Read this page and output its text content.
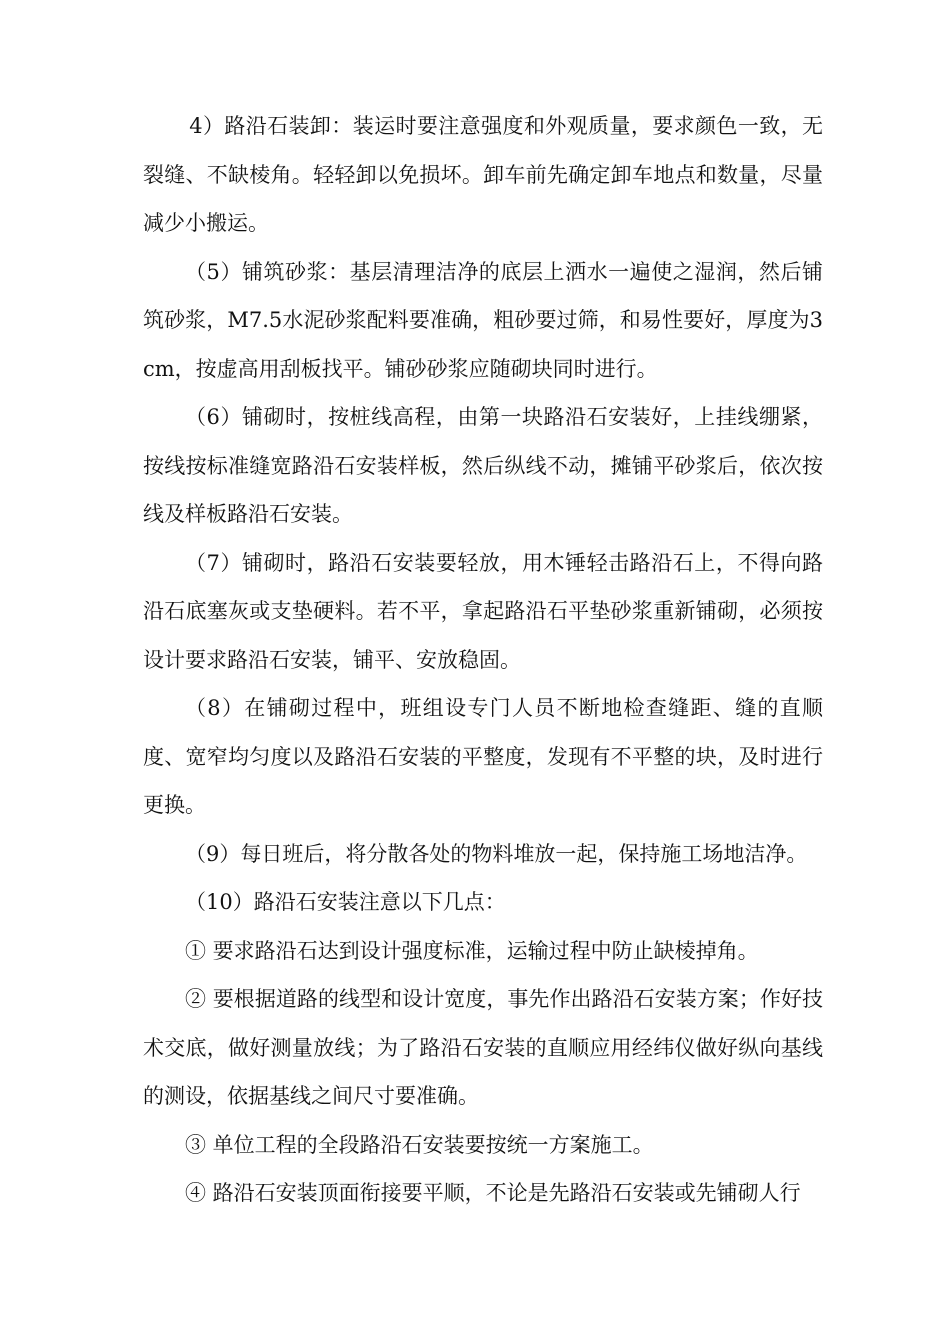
4）路沿石装卸：装运时要注意强度和外观质量，要求颜色一致，无裂缝、不缺棱角。轻轻卸以免损坏。卸车前先确定卸车地点和数量，尽量减少小搬运。

（5）铺筑砂浆：基层清理洁净的底层上洒水一遍使之湿润，然后铺筑砂浆，M7.5水泥砂浆配料要准确，粗砂要过筛，和易性要好，厚度为3cm，按虚高用刮板找平。铺砂砂浆应随砌块同时进行。

（6）铺砌时，按桩线高程，由第一块路沿石安装好，上挂线绷紧，按线按标准缝宽路沿石安装样板，然后纵线不动，摊铺平砂浆后，依次按线及样板路沿石安装。

（7）铺砌时，路沿石安装要轻放，用木锤轻击路沿石上，不得向路沿石底塞灰或支垫硬料。若不平，拿起路沿石平垫砂浆重新铺砌，必须按设计要求路沿石安装，铺平、安放稳固。

（8）在铺砌过程中，班组设专门人员不断地检查缝距、缝的直顺度、宽窄均匀度以及路沿石安装的平整度，发现有不平整的块，及时进行更换。

（9）每日班后，将分散各处的物料堆放一起，保持施工场地洁净。

（10）路沿石安装注意以下几点：

① 要求路沿石达到设计强度标准，运输过程中防止缺棱掉角。

② 要根据道路的线型和设计宽度，事先作出路沿石安装方案；作好技术交底，做好测量放线；为了路沿石安装的直顺应用经纬仪做好纵向基线的测设，依据基线之间尺寸要准确。

③ 单位工程的全段路沿石安装要按统一方案施工。

④ 路沿石安装顶面衔接要平顺，不论是先路沿石安装或先铺砌人行
